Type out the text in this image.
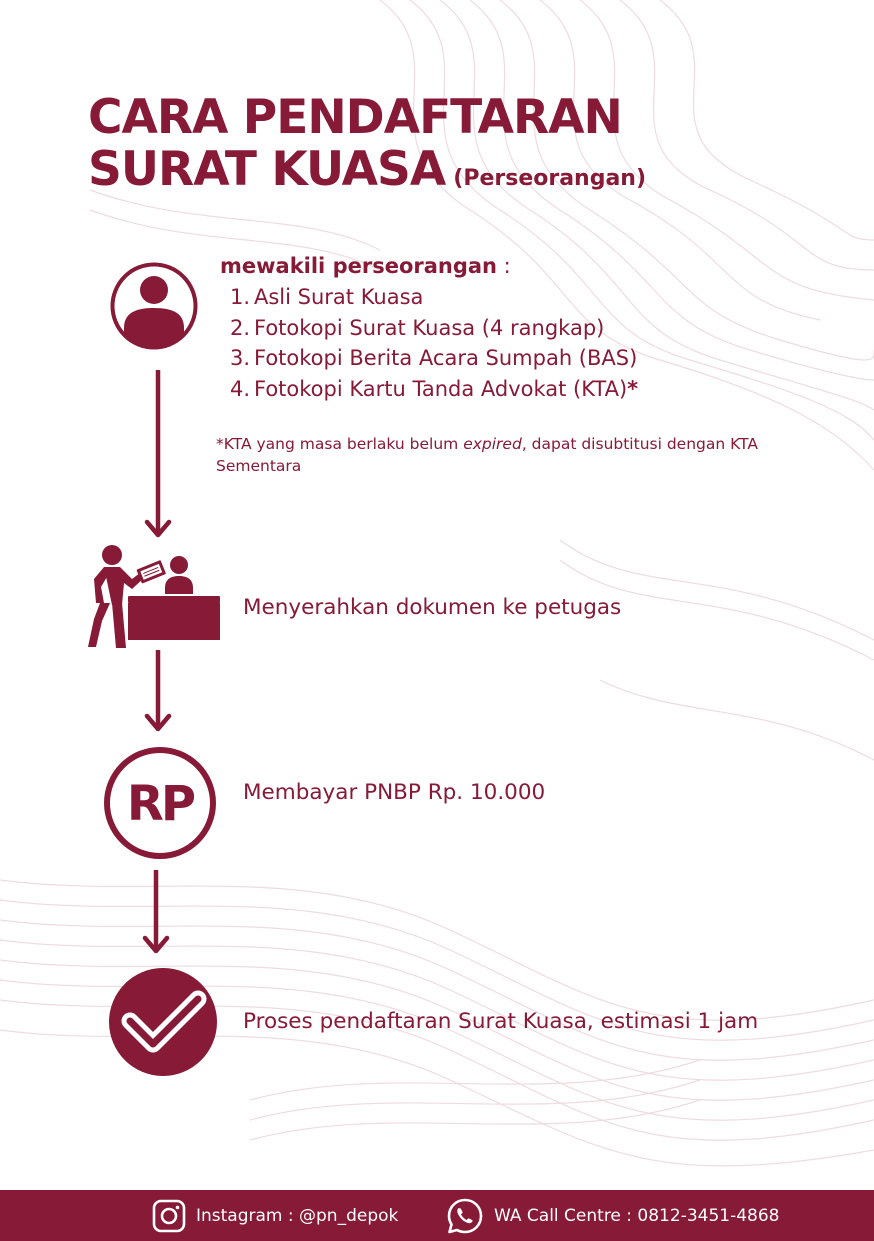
CARA PENDAFTARAN
SURAT KUASA (Perseorangan)
mewakili perseorangan :
1. Asli Surat Kuasa
2. Fotokopi Surat Kuasa (4 rangkap)
3. Fotokopi Berita Acara Sumpah (BAS)
4. Fotokopi Kartu Tanda Advokat (KTA)*

*KTA yang masa berlaku belum expired, dapat disubtitusi dengan KTA Sementara

Menyerahkan dokumen ke petugas
RP Membayar PNBP Rp. 10.000
Proses pendaftaran Surat Kuasa, estimasi 1 jam
Instagram : @pn_depok	WA Call Centre : 0812-3451-4868
